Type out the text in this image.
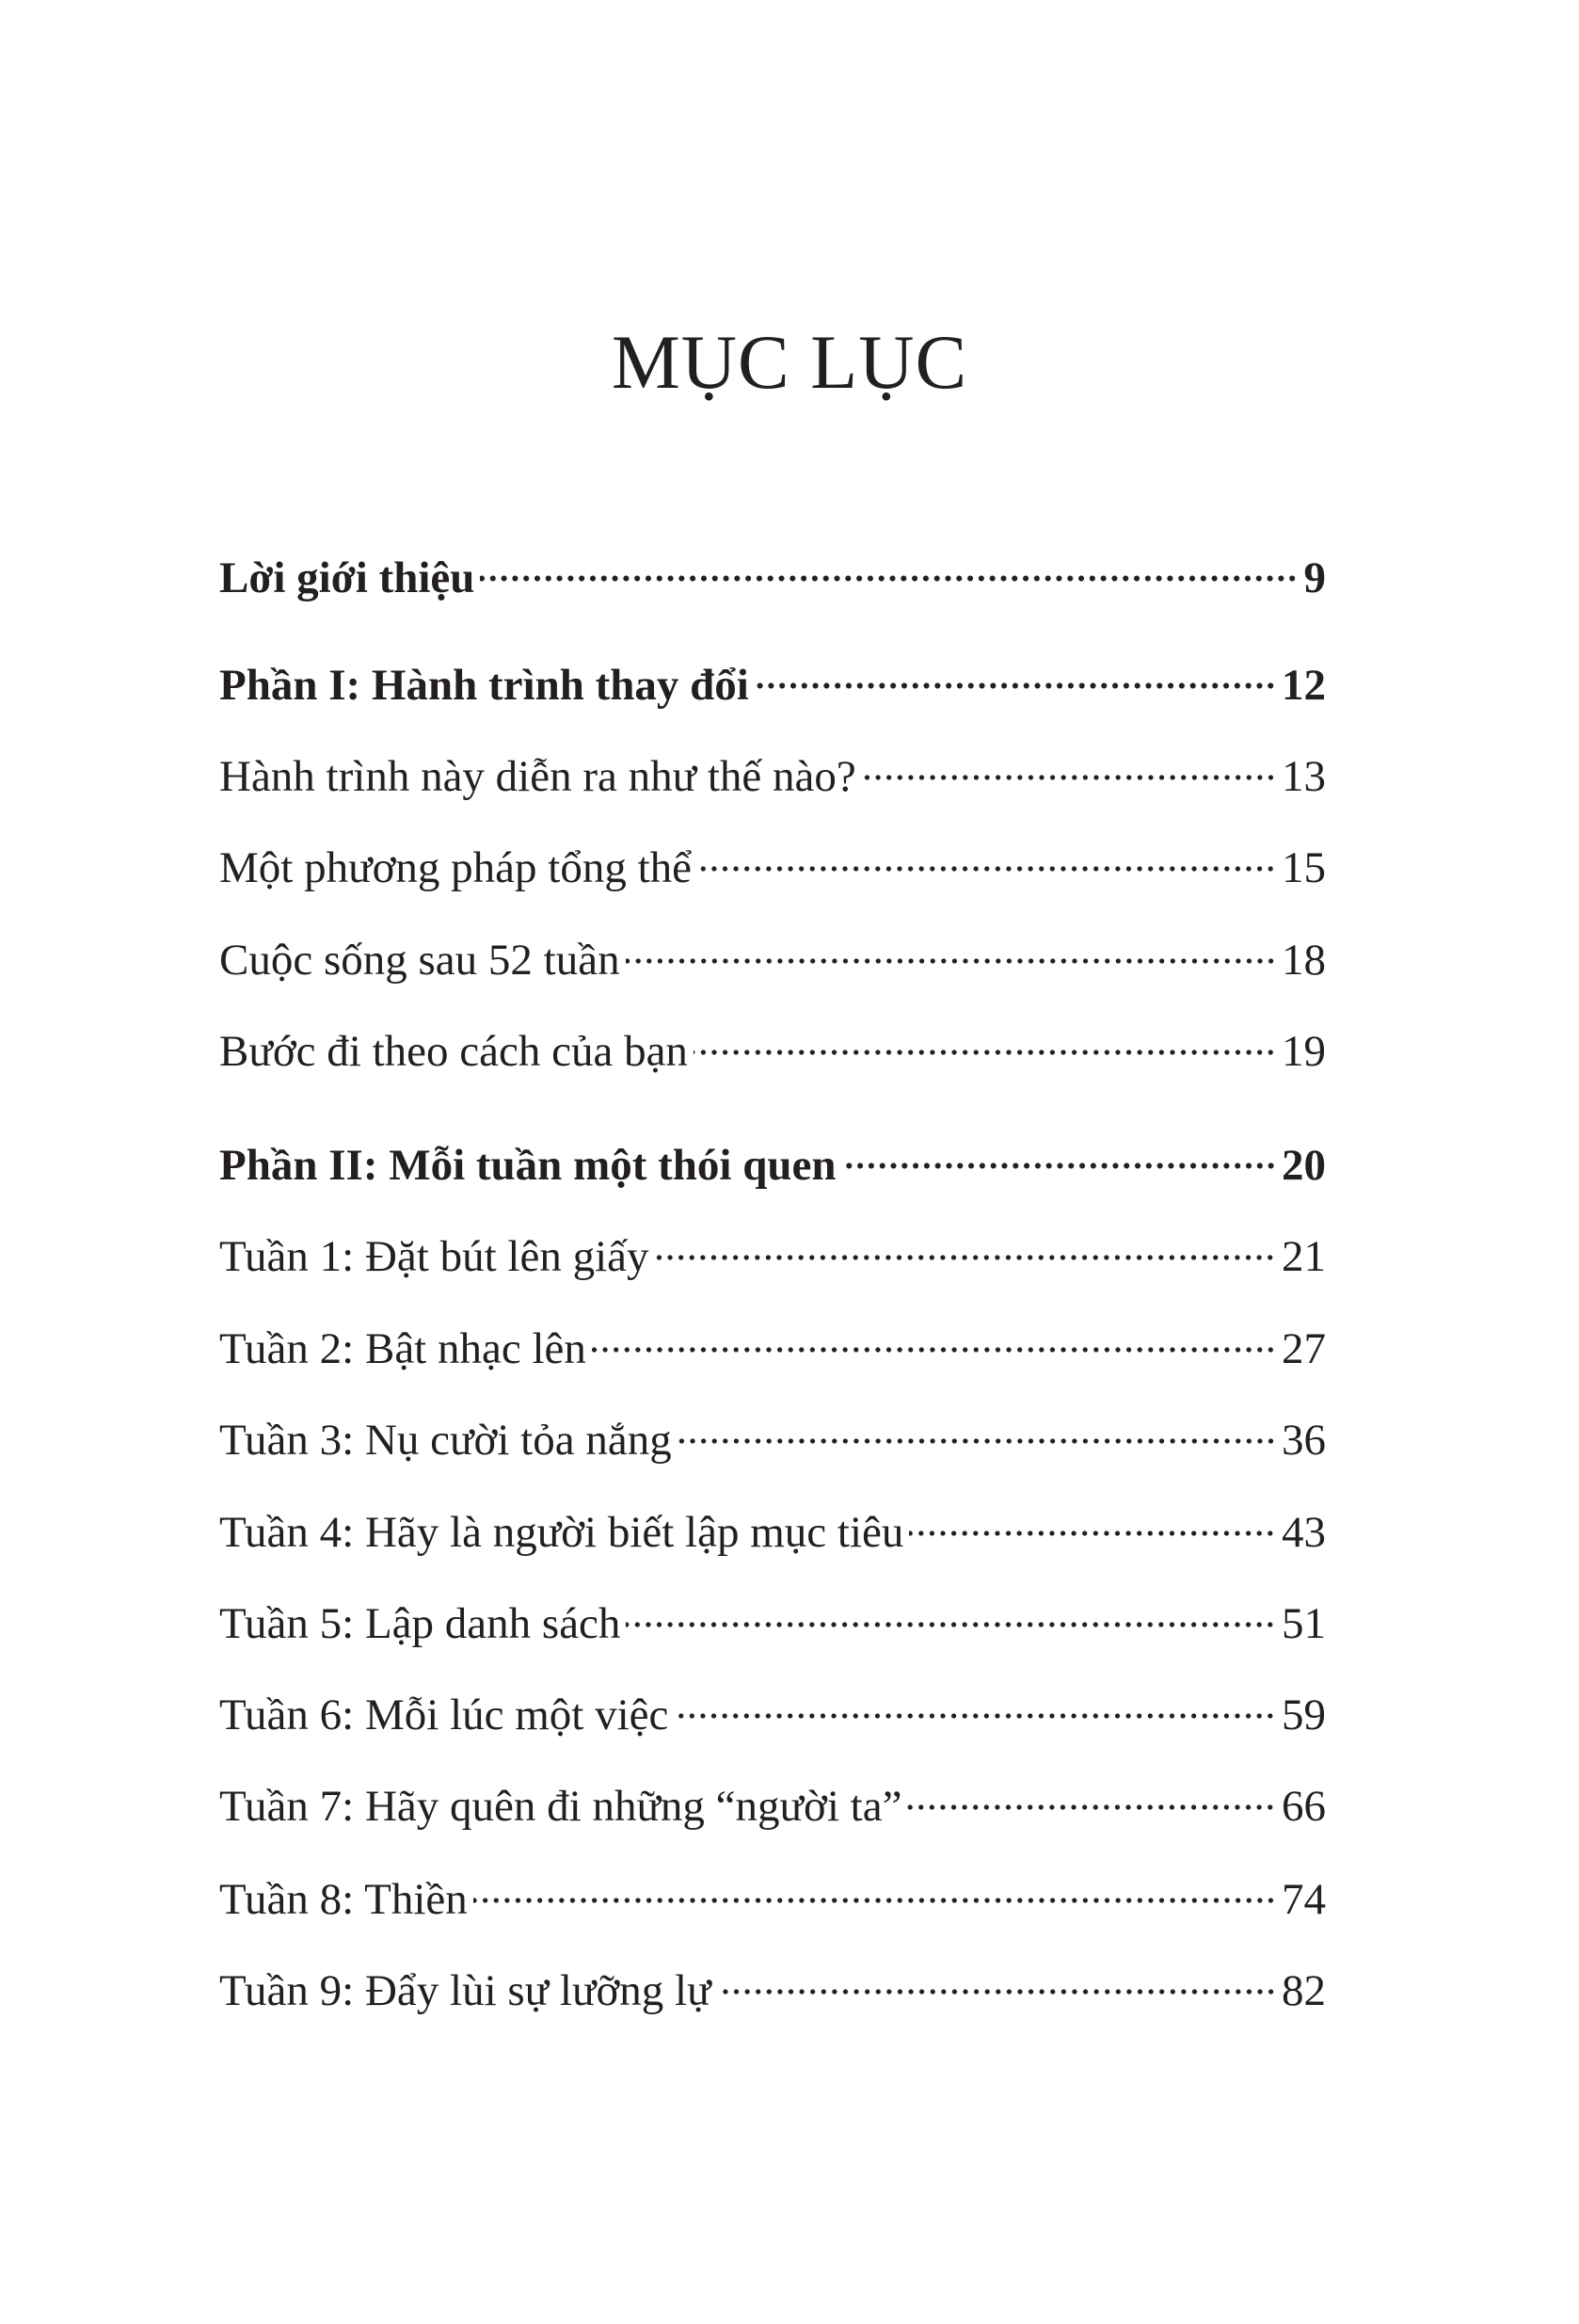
MỤC LỤC
Lời giới thiệu	9
Phần I: Hành trình thay đổi	12
Hành trình này diễn ra như thế nào?	13
Một phương pháp tổng thể	15
Cuộc sống sau 52 tuần	18
Bước đi theo cách của bạn	19
Phần II: Mỗi tuần một thói quen	20
Tuần 1: Đặt bút lên giấy	21
Tuần 2: Bật nhạc lên	27
Tuần 3: Nụ cười tỏa nắng	36
Tuần 4: Hãy là người biết lập mục tiêu	43
Tuần 5: Lập danh sách	51
Tuần 6: Mỗi lúc một việc	59
Tuần 7: Hãy quên đi những “người ta”	66
Tuần 8: Thiền	74
Tuần 9: Đẩy lùi sự lưỡng lự	82
